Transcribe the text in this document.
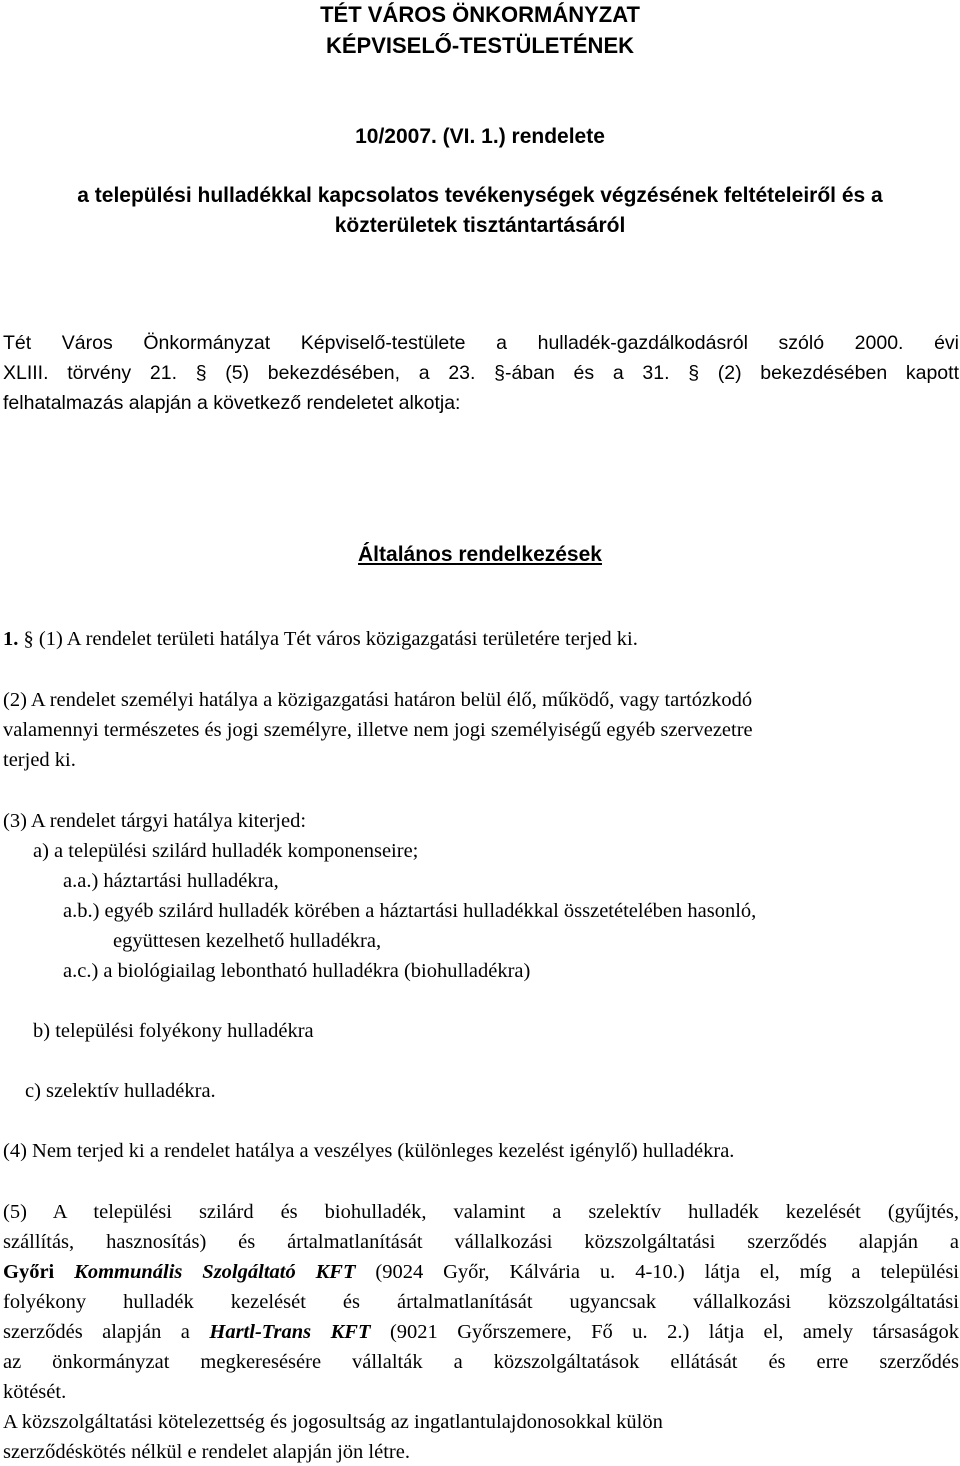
TÉT VÁROS ÖNKORMÁNYZAT
KÉPVISELŐ-TESTÜLETÉNEK
10/2007. (VI. 1.) rendelete
a települési hulladékkal kapcsolatos tevékenységek végzésének feltételeiről és a
közterületek tisztántartásáról
Tét Város Önkormányzat Képviselő-testülete a hulladék-gazdálkodásról szóló 2000. évi
XLIII. törvény 21. § (5) bekezdésében, a 23. §-ában és a 31. § (2) bekezdésében kapott
felhatalmazás alapján a következő rendeletet alkotja:
Általános rendelkezések
1. § (1) A rendelet területi hatálya Tét város közigazgatási területére terjed ki.
(2) A rendelet személyi hatálya a közigazgatási határon belül élő, működő, vagy tartózkodó
valamennyi természetes és jogi személyre, illetve nem jogi személyiségű egyéb szervezetre
terjed ki.
(3) A rendelet tárgyi hatálya kiterjed:
a) a települési szilárd hulladék komponenseire;
a.a.) háztartási hulladékra,
a.b.) egyéb szilárd hulladék körében a háztartási hulladékkal összetételében hasonló,
együttesen kezelhető hulladékra,
a.c.) a biológiailag lebontható hulladékra (biohulladékra)
b) települési folyékony hulladékra
c) szelektív hulladékra.
(4) Nem terjed ki a rendelet hatálya a veszélyes (különleges kezelést igénylő) hulladékra.
(5) A települési szilárd és biohulladék, valamint a szelektív hulladék kezelését (gyűjtés,
szállítás, hasznosítás) és ártalmatlanítását vállalkozási közszolgáltatási szerződés alapján a
Győri Kommunális Szolgáltató KFT (9024 Győr, Kálvária u. 4-10.) látja el, míg a települési
folyékony hulladék kezelését és ártalmatlanítását ugyancsak vállalkozási közszolgáltatási
szerződés alapján a Hartl-Trans KFT (9021 Győrszemere, Fő u. 2.) látja el, amely társaságok
az önkormányzat megkeresésére vállalták a közszolgáltatások ellátását és erre szerződés
kötését.
A közszolgáltatási kötelezettség és jogosultság az ingatlantulajdonosokkal külön
szerződéskötés nélkül e rendelet alapján jön létre.
